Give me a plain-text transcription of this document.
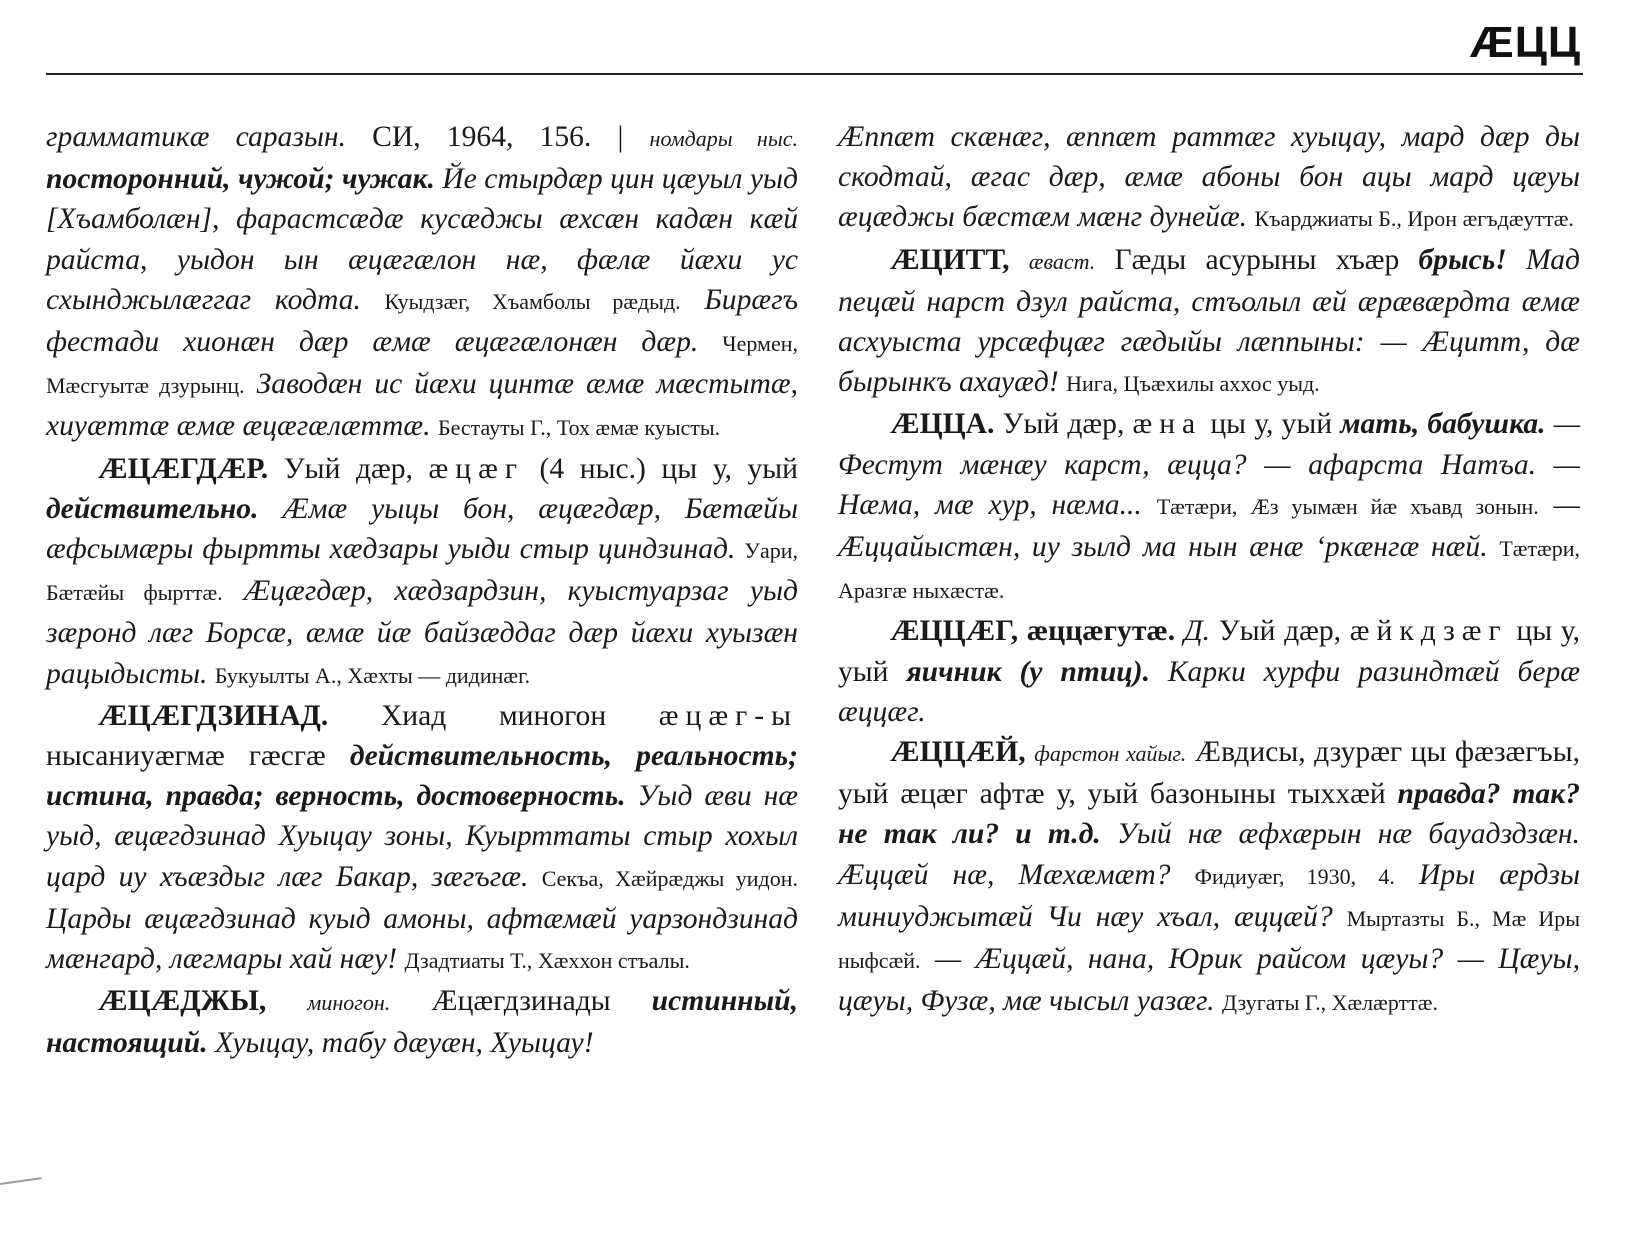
ÆЦЦ

грамматикæ саразын. СИ, 1964, 156. | номдары ныс. посторонний, чужой; чужак. Йе стырдæр цин цæуыл уыд [Хъамболæн], фарастсæдæ кусæджы æхсæн кадæн кæй райста, уыдон ын æцæгæлон нæ, фæлæ йæхи ус схынджылæггаг кодта. Куыдзæг, Хъамболы рæдыд. Бирæгъ фестади хионæн дæр æмæ æцæгæлонæн дæр. Чермен, Мæсгуытæ дзурынц. Заводæн ис йæхи цинтæ æмæ мæстытæ, хиуæттæ æмæ æцæгæлæттæ. Бестауты Г., Тох æмæ куысты.

ÆЦÆГДÆР. Уый дæр, æцæг (4 ныс.) цы у, уый действительно. Æмæ уыцы бон, æцæгдæр, Бæтæйы æфсымæры фыртты хæдзары уыди стыр циндзинад. Уари, Бæтæйы фырттæ. Æцæгдæр, хæдзардзин, куыстуарзаг уыд зæронд лæг Борсæ, æмæ йæ байзæддаг дæр йæхи хуызæн рацыдысты. Букуылты А., Хæхты — дидинæг.

ÆЦÆГДЗИНАД. Хиад миногон æцæг-ы нысаниуæгмæ гæсгæ действительность, реальность; истина, правда; верность, достоверность. Уыд æви нæ уыд, æцæгдзинад Хуыцау зоны, Куырттаты стыр хохыл цард иу хъæздыг лæг Бакар, зæгъгæ. Секъа, Хæйрæджы уидон. Царды æцæгдзинад куыд амоны, афтæмæй уарзондзинад мæнгард, лæгмары хай нæу! Дзадтиаты Т., Хæххон стъалы.

ÆЦÆДЖЫ, миногон. Æцæгдзинады истинный, настоящий. Хуыцау, табу дæуæн, Хуыцау!

Æппæт скæнæг, æппæт раттæг хуыцау, мард дæр ды скодтай, æгас дæр, æмæ абоны бон ацы мард цæуы æцæджы бæстæм мæнг дунейæ. Къарджиаты Б., Ирон æгъдæуттæ.

ÆЦИТТ, æваст. Гæды асурыны хъæр брысь! Мад пецæй нарст дзул райста, стъолыл æй æрæвæрдта æмæ асхуыста урсæфцæг гæдыйы лæппыны: — Æцитт, дæ бырынкъ ахауæд! Нига, Цъæхилы аххос уыд.

ÆЦЦА. Уый дæр, æна цы у, уый мать, бабушка. — Фестут мæнæу карст, æцца? — афарста Натъа. — Нæма, мæ хур, нæма... Тæтæри, Æз уымæн йæ хъавд зонын. — Æццайыстæн, иу зылд ма нын æнæ ‘ркæнгæ нæй. Тæтæри, Аразгæ ныхæстæ.

ÆЦЦÆГ, æццæгутæ. Д. Уый дæр, æйкдзæг цы у, уый яичник (у птиц). Карки хурфи разиндтæй берæ æццæг.

ÆЦЦÆЙ, фарстон хайыг. Æвдисы, дзурæг цы фæзæгъы, уый æцæг афтæ у, уый базоныны тыххæй правда? так? не так ли? и т.д. Уый нæ æфхæрын нæ бауадздзæн. Æццæй нæ, Мæхæмæт? Фидиуæг, 1930, 4. Иры æрдзы миниуджытæй Чи нæу хъал, æццæй? Мыртазты Б., Мæ Иры ныфсæй. — Æццæй, нана, Юрик райсом цæуы? — Цæуы, цæуы, Фузæ, мæ чысыл уазæг. Дзугаты Г., Хæлæрттæ.
